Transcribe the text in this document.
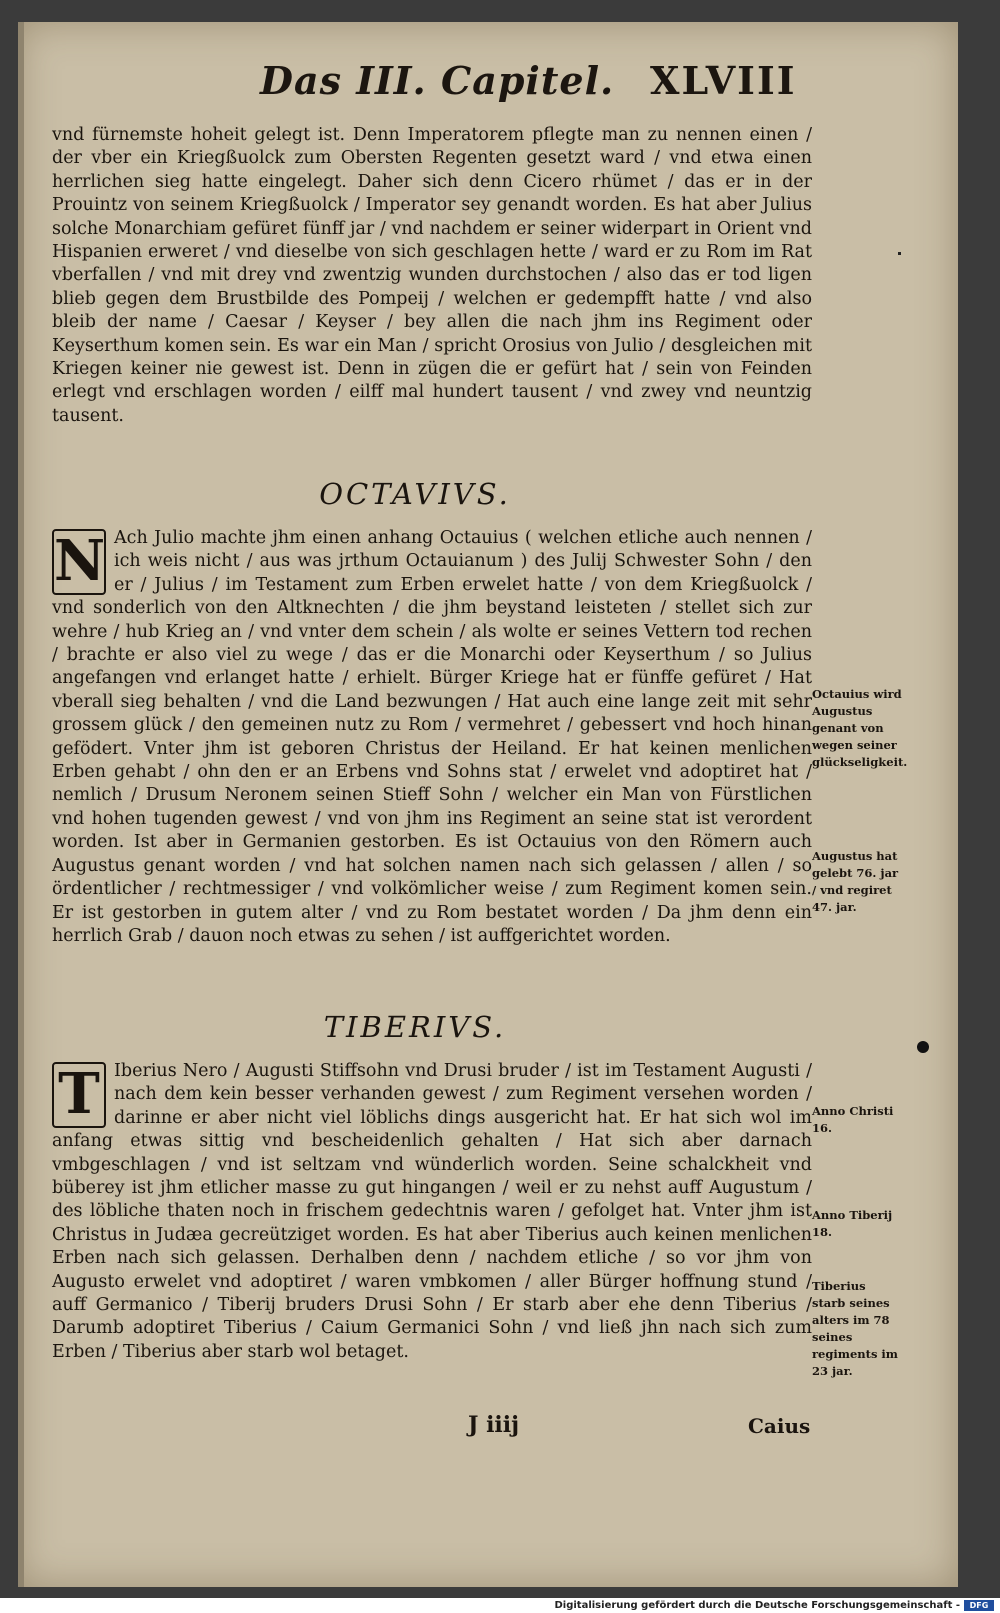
Das III. Capitel. XLVIII

vnd fürnemste hoheit gelegt ist. Denn Imperatorem pflegte man zu nennen einen / der vber ein Kriegßuolck zum Obersten Regenten gesetzt ward / vnd etwa einen herrlichen sieg hatte eingelegt. Daher sich denn Cicero rhümet / das er in der Prouintz von seinem Kriegßuolck / Imperator sey genandt worden. Es hat aber Julius solche Monarchiam gefüret fünff jar / vnd nachdem er seiner widerpart in Orient vnd Hispanien erweret / vnd dieselbe von sich geschlagen hette / ward er zu Rom im Rat vberfallen / vnd mit drey vnd zwentzig wunden durchstochen / also das er tod ligen blieb gegen dem Brustbilde des Pompeij / welchen er gedempfft hatte / vnd also bleib der name / Caesar / Keyser / bey allen die nach jhm ins Regiment oder Keyserthum komen sein. Es war ein Man / spricht Orosius von Julio / desgleichen mit Kriegen keiner nie gewest ist. Denn in zügen die er gefürt hat / sein von Feinden erlegt vnd erschlagen worden / eilff mal hundert tausent / vnd zwey vnd neuntzig tausent.

OCTAVIVS.
N Ach Julio machte jhm einen anhang Octauius ( welchen etliche auch nennen / ich weis nicht / aus was jrthum Octauianum ) des Julij Schwester Sohn / den er / Julius / im Testament zum Erben erwelet hatte / von dem Kriegßuolck / vnd sonderlich von den Altknechten / die jhm beystand leisteten / stellet sich zur wehre / hub Krieg an / vnd vnter dem schein / als wolte er seines Vettern tod rechen / brachte er also viel zu wege / das er die Monarchi oder Keyserthum / so Julius angefangen vnd erlanget hatte / erhielt. Bürger Kriege hat er fünffe gefüret / Hat vberall sieg behalten / vnd die Land bezwungen / Hat auch eine lange zeit mit sehr grossem glück / den gemeinen nutz zu Rom / vermehret / gebessert vnd hoch hinan gefödert. Vnter jhm ist geboren Christus der Heiland. Er hat keinen menlichen Erben gehabt / ohn den er an Erbens vnd Sohns stat / erwelet vnd adoptiret hat / nemlich / Drusum Neronem seinen Stieff Sohn / welcher ein Man von Fürstlichen vnd hohen tugenden gewest / vnd von jhm ins Regiment an seine stat ist verordent worden. Ist aber in Germanien gestorben. Es ist Octauius von den Römern auch Augustus genant worden / vnd hat solchen namen nach sich gelassen / allen / so ördentlicher / rechtmessiger / vnd volkömlicher weise / zum Regiment komen sein. Er ist gestorben in gutem alter / vnd zu Rom bestatet worden / Da jhm denn ein herrlich Grab / dauon noch etwas zu sehen / ist auffgerichtet worden.

TIBERIVS.
T Iberius Nero / Augusti Stiffsohn vnd Drusi bruder / ist im Testament Augusti / nach dem kein besser verhanden gewest / zum Regiment versehen worden / darinne er aber nicht viel löblichs dings ausgericht hat. Er hat sich wol im anfang etwas sittig vnd bescheidenlich gehalten / Hat sich aber darnach vmbgeschlagen / vnd ist seltzam vnd wünderlich worden. Seine schalckheit vnd büberey ist jhm etlicher masse zu gut hingangen / weil er zu nehst auff Augustum / des löbliche thaten noch in frischem gedechtnis waren / gefolget hat. Vnter jhm ist Christus in Judæa gecreütziget worden. Es hat aber Tiberius auch keinen menlichen Erben nach sich gelassen. Derhalben denn / nachdem etliche / so vor jhm von Augusto erwelet vnd adoptiret / waren vmbkomen / aller Bürger hoffnung stund / auff Germanico / Tiberij bruders Drusi Sohn / Er starb aber ehe denn Tiberius / Darumb adoptiret Tiberius / Caium Germanici Sohn / vnd ließ jhn nach sich zum Erben / Tiberius aber starb wol betaget.

Octauius wird Augustus genant von wegen seiner glückseligkeit.
Augustus hat gelebt 76. jar / vnd regiret 47. jar.
Anno Christi 16.
Anno Tiberij 18.
Tiberius starb seines alters im 78 seines regiments im 23 jar.
J iiij	Caius
Digitalisierung gefördert durch die Deutsche Forschungsgemeinschaft -	DFG
